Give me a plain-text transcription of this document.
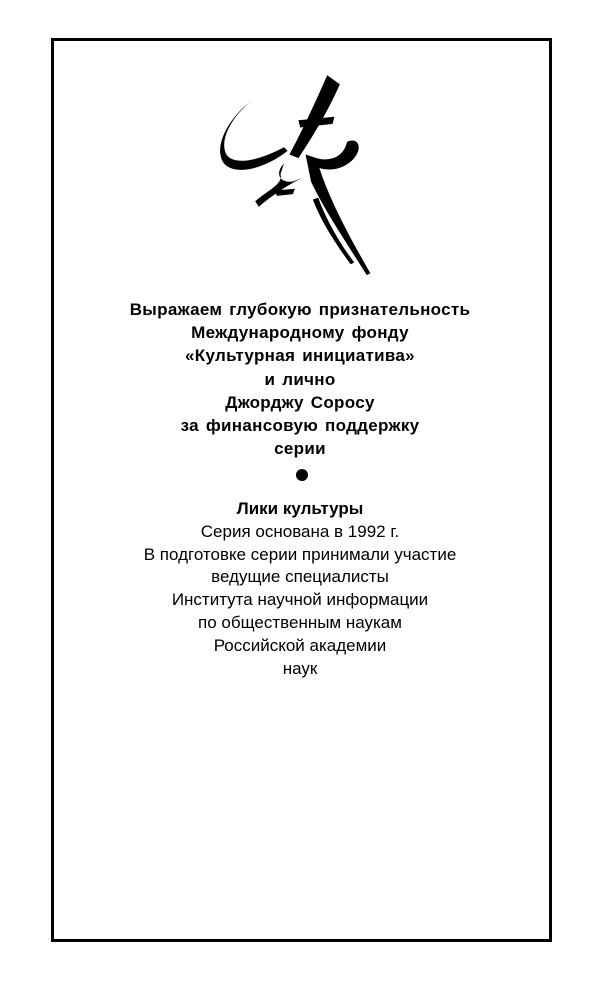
Выражаем глубокую признательность
Международному фонду
«Культурная инициатива»
и лично
Джорджу Соросу
за финансовую поддержку
серии
Лики культуры
Серия основана в 1992 г.
В подготовке серии принимали участие
ведущие специалисты
Института научной информации
по общественным наукам
Российской академии
наук
